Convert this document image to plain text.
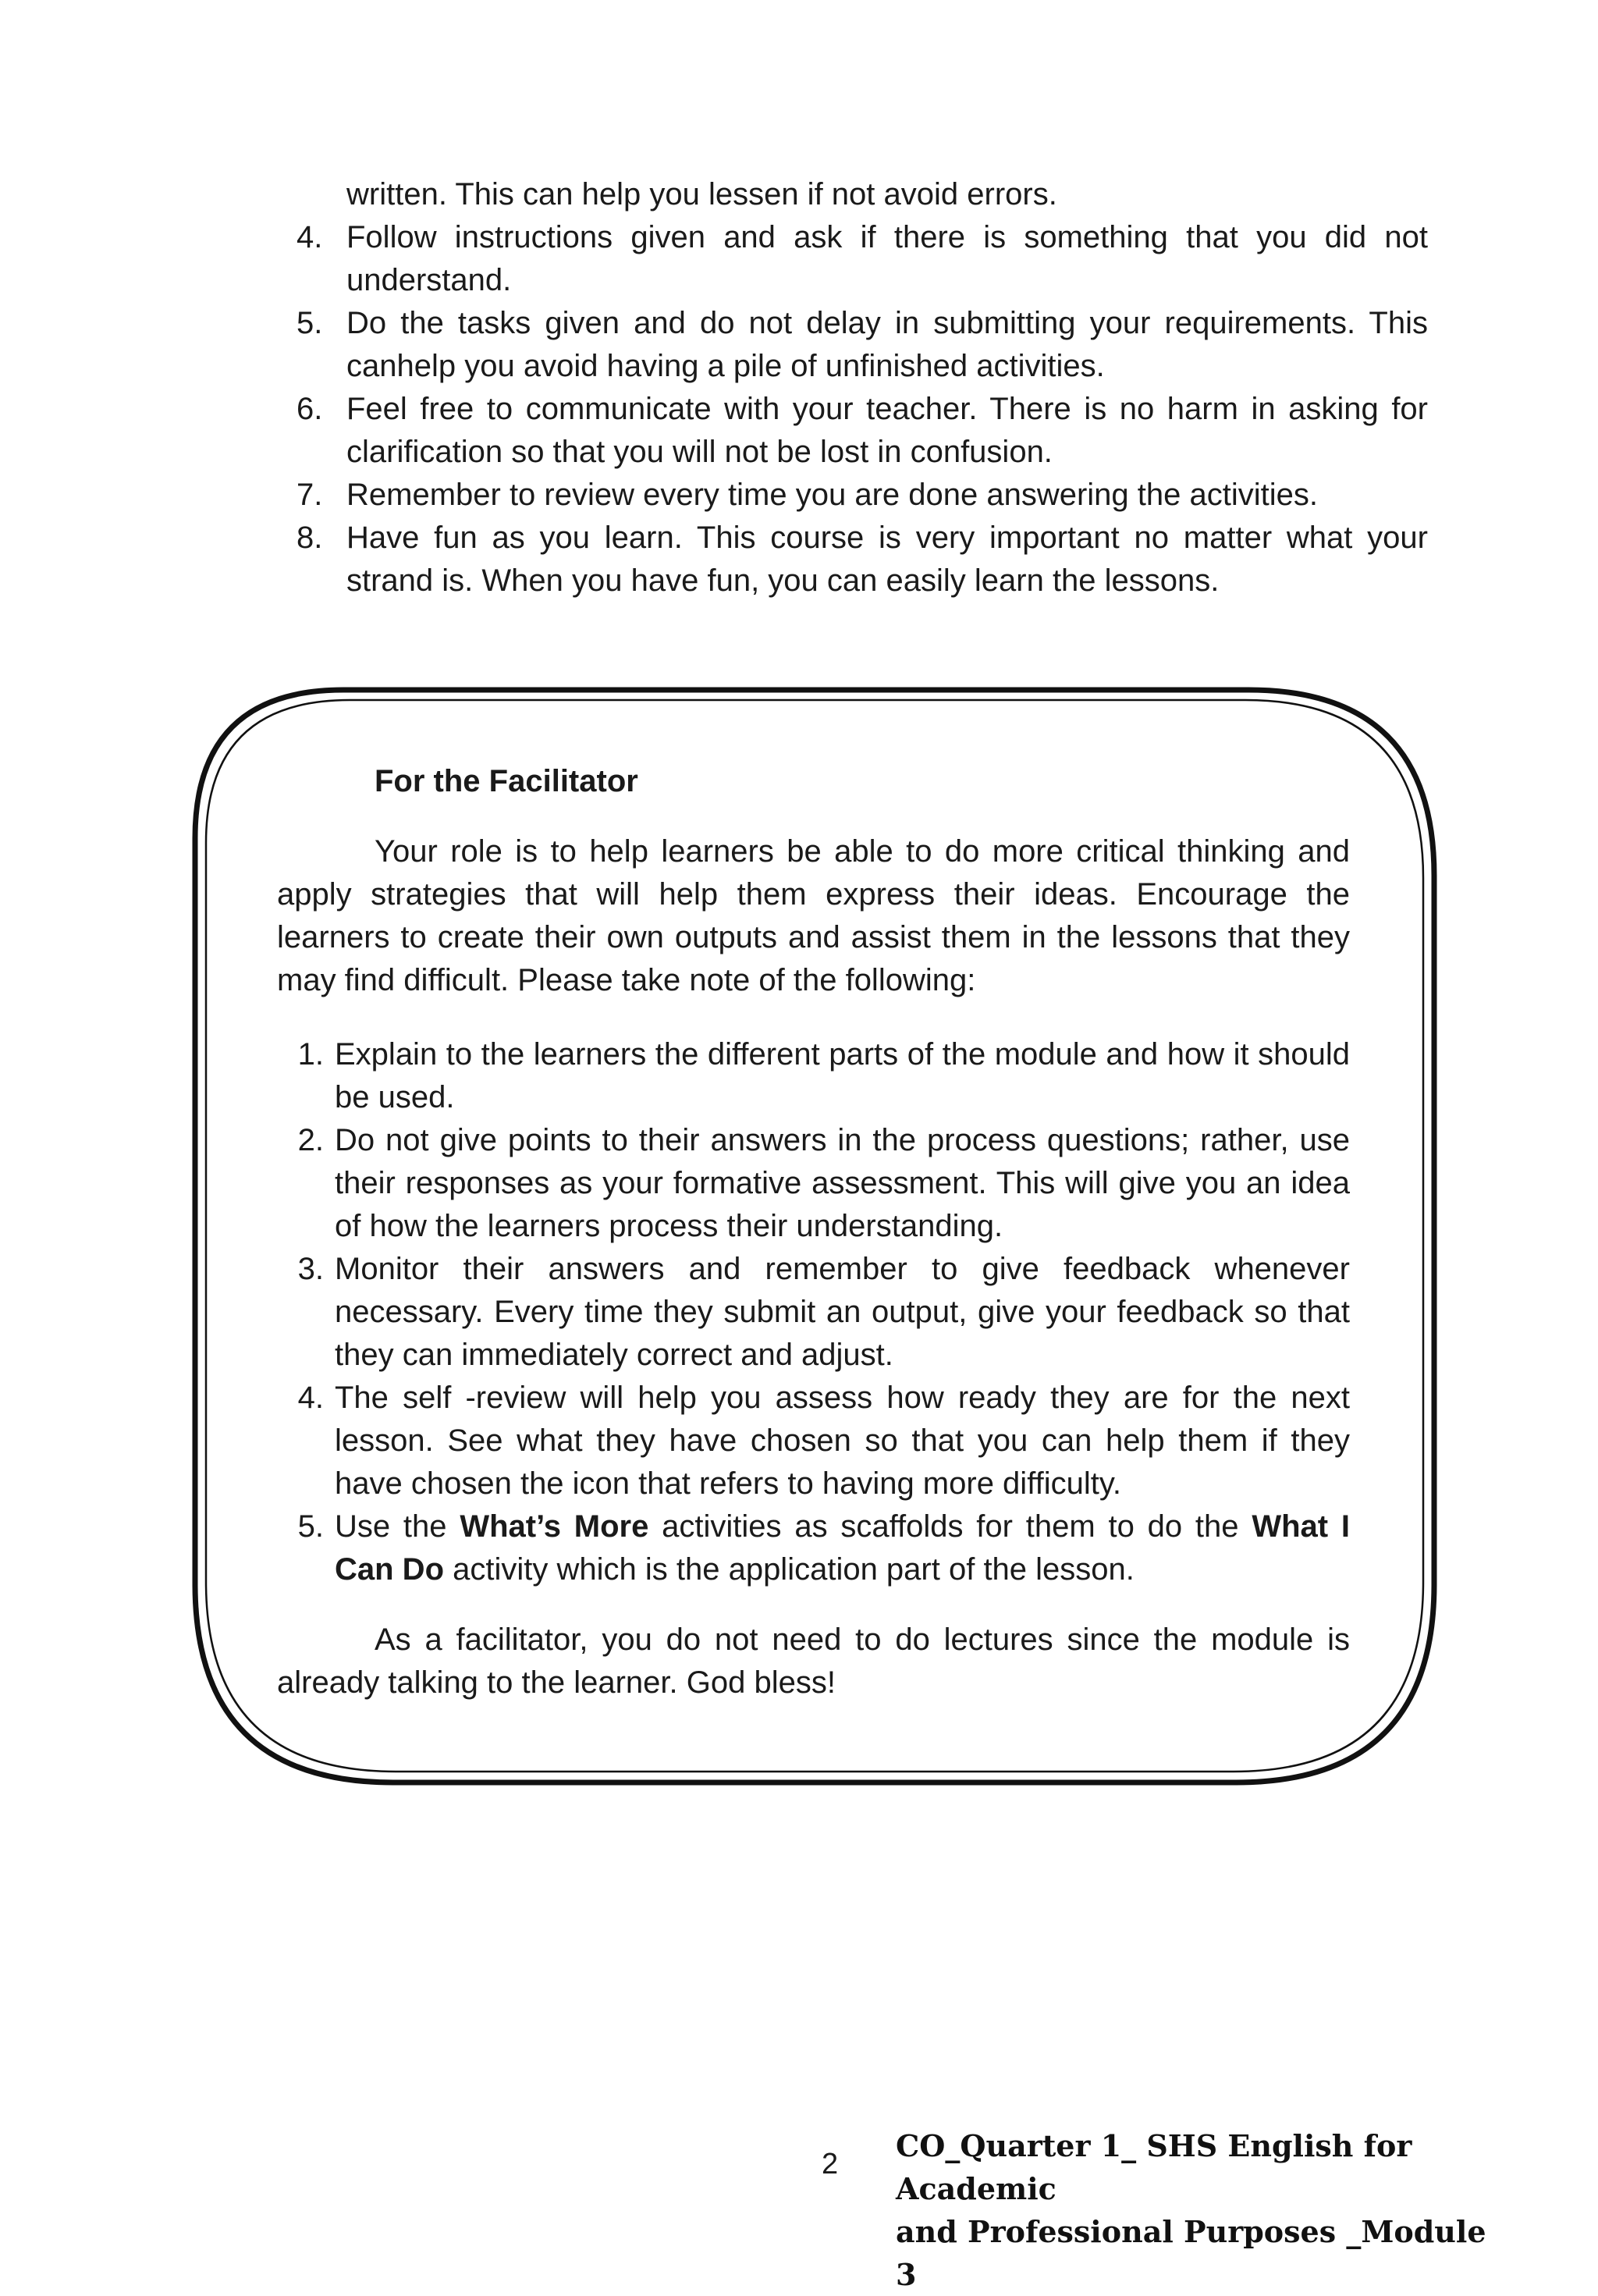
written. This can help you lessen if not avoid errors.
4. Follow instructions given and ask if there is something that you did not understand.
5. Do the tasks given and do not delay in submitting your requirements. This canhelp you avoid having a pile of unfinished activities.
6. Feel free to communicate with your teacher. There is no harm in asking for clarification so that you will not be lost in confusion.
7. Remember to review every time you are done answering the activities.
8. Have fun as you learn. This course is very important no matter what your strand is. When you have fun, you can easily learn the lessons.
For the Facilitator
Your role is to help learners be able to do more critical thinking and apply strategies that will help them express their ideas. Encourage the learners to create their own outputs and assist them in the lessons that they may find difficult. Please take note of the following:
1. Explain to the learners the different parts of the module and how it should be used.
2. Do not give points to their answers in the process questions; rather, use their responses as your formative assessment. This will give you an idea of how the learners process their understanding.
3. Monitor their answers and remember to give feedback whenever necessary. Every time they submit an output, give your feedback so that they can immediately correct and adjust.
4. The self -review will help you assess how ready they are for the next lesson. See what they have chosen so that you can help them if they have chosen the icon that refers to having more difficulty.
5. Use the What’s More activities as scaffolds for them to do the What I Can Do activity which is the application part of the lesson.
As a facilitator, you do not need to do lectures since the module is already talking to the learner. God bless!
2
CO_Quarter 1_ SHS English for Academic
and Professional Purposes _Module 3
